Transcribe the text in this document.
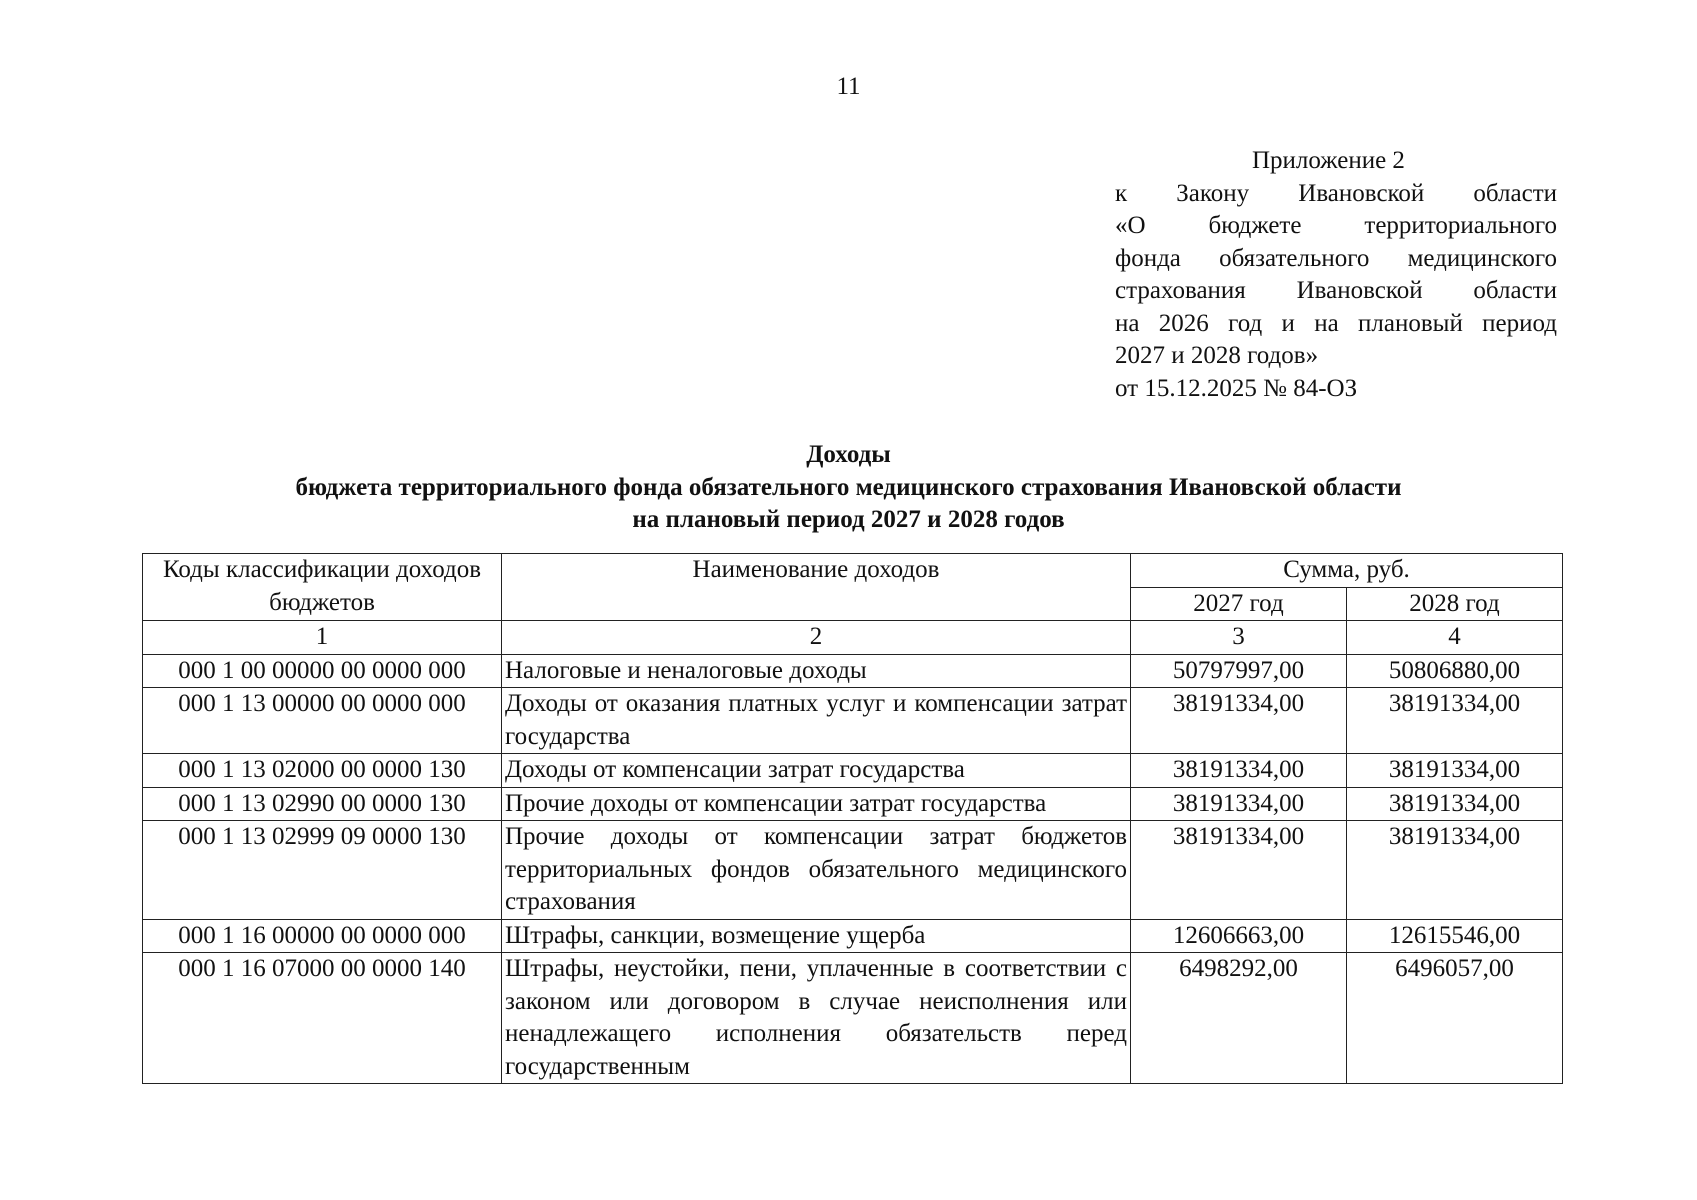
11
Приложение 2
к Закону Ивановской области
«О бюджете территориального
фонда обязательного медицинского
страхования Ивановской области
на 2026 год и на плановый период
2027 и 2028 годов»
от 15.12.2025 № 84-ОЗ
Доходы
бюджета территориального фонда обязательного медицинского страхования Ивановской области
на плановый период 2027 и 2028 годов
Коды классификации доходов бюджетов	Наименование доходов	Сумма, руб.	
		2027 год	2028 год
1	2	3	4
000 1 00 00000 00 0000 000	Налоговые и неналоговые доходы	50797997,00	50806880,00
000 1 13 00000 00 0000 000	Доходы от оказания платных услуг и компенсации затрат государства	38191334,00	38191334,00
000 1 13 02000 00 0000 130	Доходы от компенсации затрат государства	38191334,00	38191334,00
000 1 13 02990 00 0000 130	Прочие доходы от компенсации затрат государства	38191334,00	38191334,00
000 1 13 02999 09 0000 130	Прочие доходы от компенсации затрат бюджетов территориальных фондов обязательного медицинского страхования	38191334,00	38191334,00
000 1 16 00000 00 0000 000	Штрафы, санкции, возмещение ущерба	12606663,00	12615546,00
000 1 16 07000 00 0000 140	Штрафы, неустойки, пени, уплаченные в соответствии с законом или договором в случае неисполнения или ненадлежащего исполнения обязательств перед государственным	6498292,00	6496057,00
